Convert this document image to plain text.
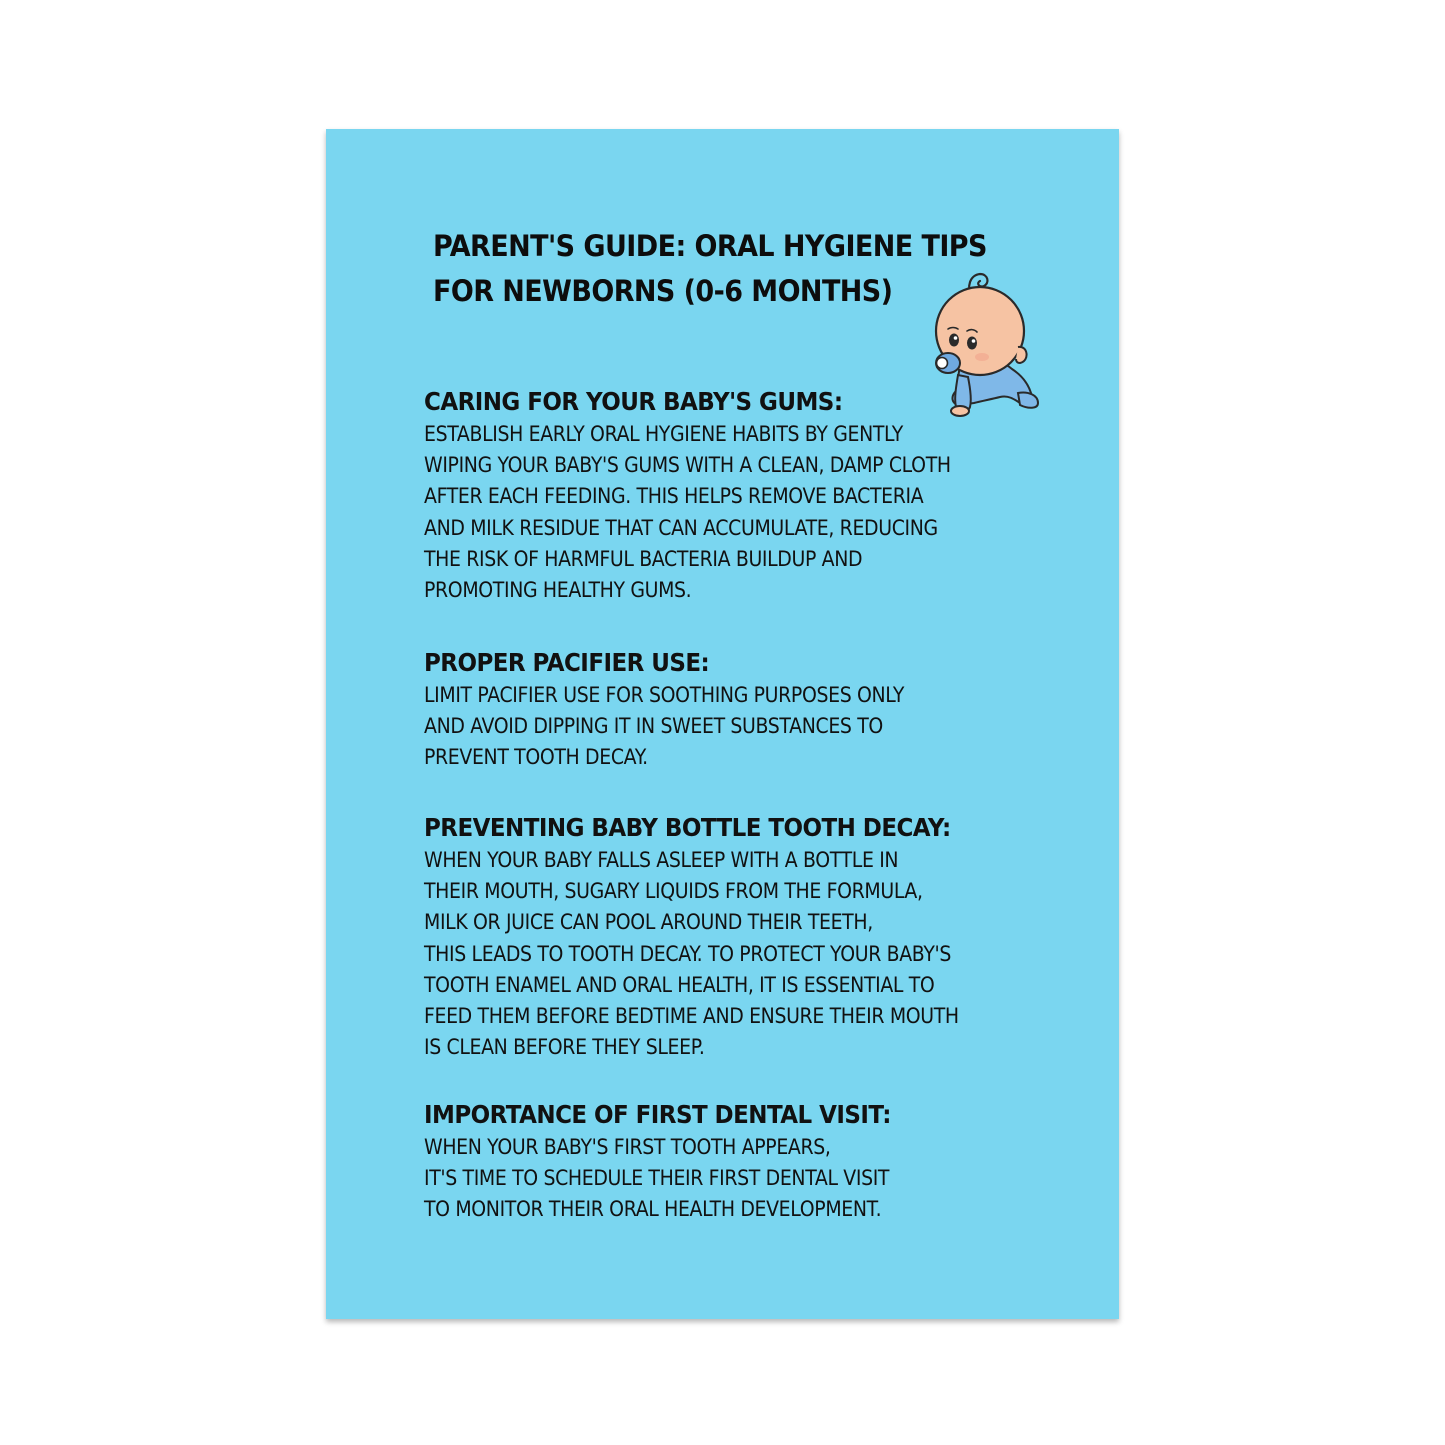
PARENT'S GUIDE: ORAL HYGIENE TIPS
FOR NEWBORNS (0-6 MONTHS)
CARING FOR YOUR BABY'S GUMS:
ESTABLISH EARLY ORAL HYGIENE HABITS BY GENTLY
WIPING YOUR BABY'S GUMS WITH A CLEAN, DAMP CLOTH
AFTER EACH FEEDING. THIS HELPS REMOVE BACTERIA
AND MILK RESIDUE THAT CAN ACCUMULATE, REDUCING
THE RISK OF HARMFUL BACTERIA BUILDUP AND
PROMOTING HEALTHY GUMS.
PROPER PACIFIER USE:
LIMIT PACIFIER USE FOR SOOTHING PURPOSES ONLY
AND AVOID DIPPING IT IN SWEET SUBSTANCES TO
PREVENT TOOTH DECAY.
PREVENTING BABY BOTTLE TOOTH DECAY:
WHEN YOUR BABY FALLS ASLEEP WITH A BOTTLE IN
THEIR MOUTH, SUGARY LIQUIDS FROM THE FORMULA,
MILK OR JUICE CAN POOL AROUND THEIR TEETH,
THIS LEADS TO TOOTH DECAY. TO PROTECT YOUR BABY'S
TOOTH ENAMEL AND ORAL HEALTH, IT IS ESSENTIAL TO
FEED THEM BEFORE BEDTIME AND ENSURE THEIR MOUTH
IS CLEAN BEFORE THEY SLEEP.
IMPORTANCE OF FIRST DENTAL VISIT:
WHEN YOUR BABY'S FIRST TOOTH APPEARS,
IT'S TIME TO SCHEDULE THEIR FIRST DENTAL VISIT
TO MONITOR THEIR ORAL HEALTH DEVELOPMENT.
